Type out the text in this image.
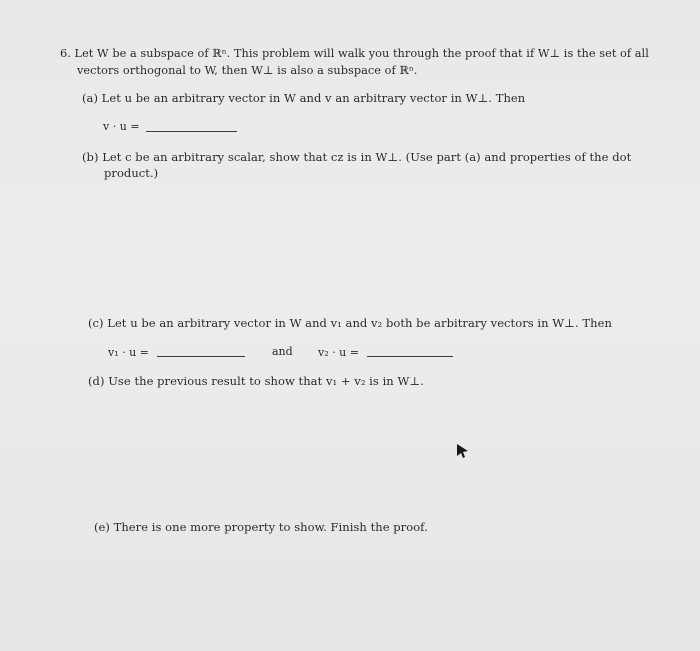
6. Let W be a subspace of ℝⁿ. This problem will walk you through the proof that if W⊥ is the set of all
vectors orthogonal to W, then W⊥ is also a subspace of ℝⁿ.
(a) Let u be an arbitrary vector in W and v an arbitrary vector in W⊥. Then
v · u =
(b) Let c be an arbitrary scalar, show that cz is in W⊥. (Use part (a) and properties of the dot
product.)
(c) Let u be an arbitrary vector in W and v₁ and v₂ both be arbitrary vectors in W⊥. Then
v₁ · u =	and v₂ · u =
(d) Use the previous result to show that v₁ + v₂ is in W⊥.
(e) There is one more property to show. Finish the proof.
